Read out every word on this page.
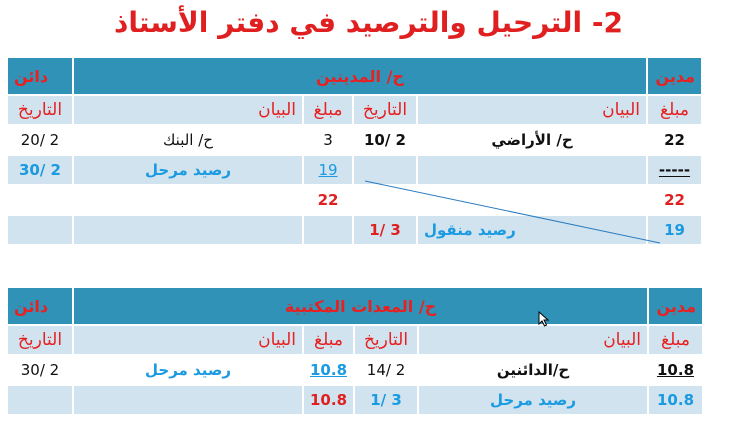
2- الترحيل والترصيد في دفتر الأستاذ
دائن	ح/ المدينين				مدين
التاريخ	البيان	مبلغ	التاريخ	البيان	مبلغ
20/ 2	ح/ البنك	3	10/ 2	ح/ الأراضي	22
30/ 2	رصيد مرحل	19			-----
		22			22
			1/ 3	رصيد منقول	19
دائن	ح/ المعدات المكتبية				مدين
التاريخ	البيان	مبلغ	التاريخ	البيان	مبلغ
30/ 2	رصيد مرحل	10.8	14/ 2	ح/الدائنين	10.8
		10.8	1/ 3	رصيد مرحل	10.8
